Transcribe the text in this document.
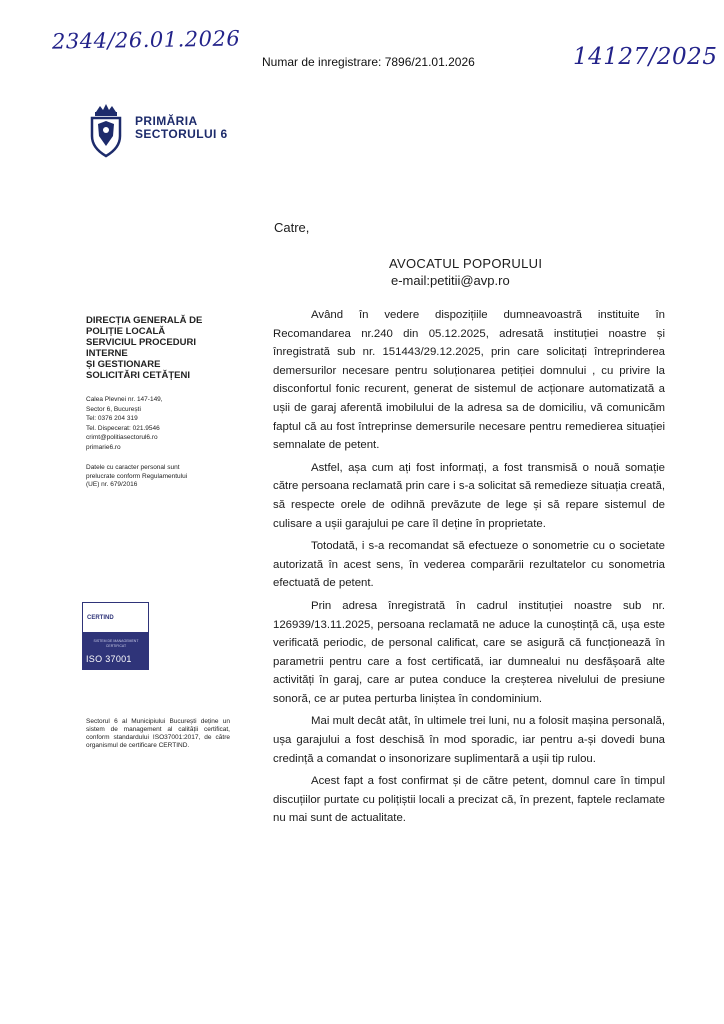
2344/26.01.2026
Numar de inregistrare: 7896/21.01.2026	14127/2025
PRIMĂRIA
SECTORULUI 6
Catre,
AVOCATUL POPORULUI
e-mail:petitii@avp.ro
DIRECȚIA GENERALĂ DE
POLIȚIE LOCALĂ
SERVICIUL PROCEDURI
INTERNE
ȘI GESTIONARE
SOLICITĂRI CETĂȚENI
Calea Plevnei nr. 147-149,
Sector 6, București
Tel: 0376 204 319
Tel. Dispecerat: 021.9546
crimt@politiasectorul6.ro
primarie6.ro
Datele cu caracter personal sunt prelucrate conform Regulamentului (UE) nr. 679/2016
CERTIND
SISTEM DE MANAGEMENT CERTIFICAT
ISO 37001
Sectorul 6 al Municipiului București deține un sistem de management al calității certificat, conform standardului ISO37001:2017, de către organismul de certificare CERTIND.

Având în vedere dispozițiile dumneavoastră instituite în Recomandarea nr.240 din 05.12.2025, adresată instituției noastre și înregistrată sub nr. 151443/29.12.2025, prin care solicitați întreprinderea demersurilor necesare pentru soluționarea petiției domnului , cu privire la disconfortul fonic recurent, generat de sistemul de acționare automatizată a ușii de garaj aferentă imobilului de la adresa sa de domiciliu, vă comunicăm faptul că au fost întreprinse demersurile necesare pentru remedierea situației semnalate de petent.

Astfel, așa cum ați fost informați, a fost transmisă o nouă somație către persoana reclamată prin care i s-a solicitat să remedieze situația creată, să respecte orele de odihnă prevăzute de lege și să repare sistemul de culisare a ușii garajului pe care îl deține în proprietate.

Totodată, i s-a recomandat să efectueze o sonometrie cu o societate autorizată în acest sens, în vederea comparării rezultatelor cu sonometria efectuată de petent.

Prin adresa înregistrată în cadrul instituției noastre sub nr. 126939/13.11.2025, persoana reclamată ne aduce la cunoștință că, ușa este verificată periodic, de personal calificat, care se asigură că funcționează în parametrii pentru care a fost certificată, iar dumnealui nu desfășoară alte activități în garaj, care ar putea conduce la creșterea nivelului de presiune sonoră, ce ar putea perturba liniștea în condominium.

Mai mult decât atât, în ultimele trei luni, nu a folosit mașina personală, ușa garajului a fost deschisă în mod sporadic, iar pentru a-și dovedi buna credință a comandat o insonorizare suplimentară a ușii tip rulou.

Acest fapt a fost confirmat și de către petent, domnul care în timpul discuțiilor purtate cu polițiștii locali a precizat că, în prezent, faptele reclamate nu mai sunt de actualitate.
